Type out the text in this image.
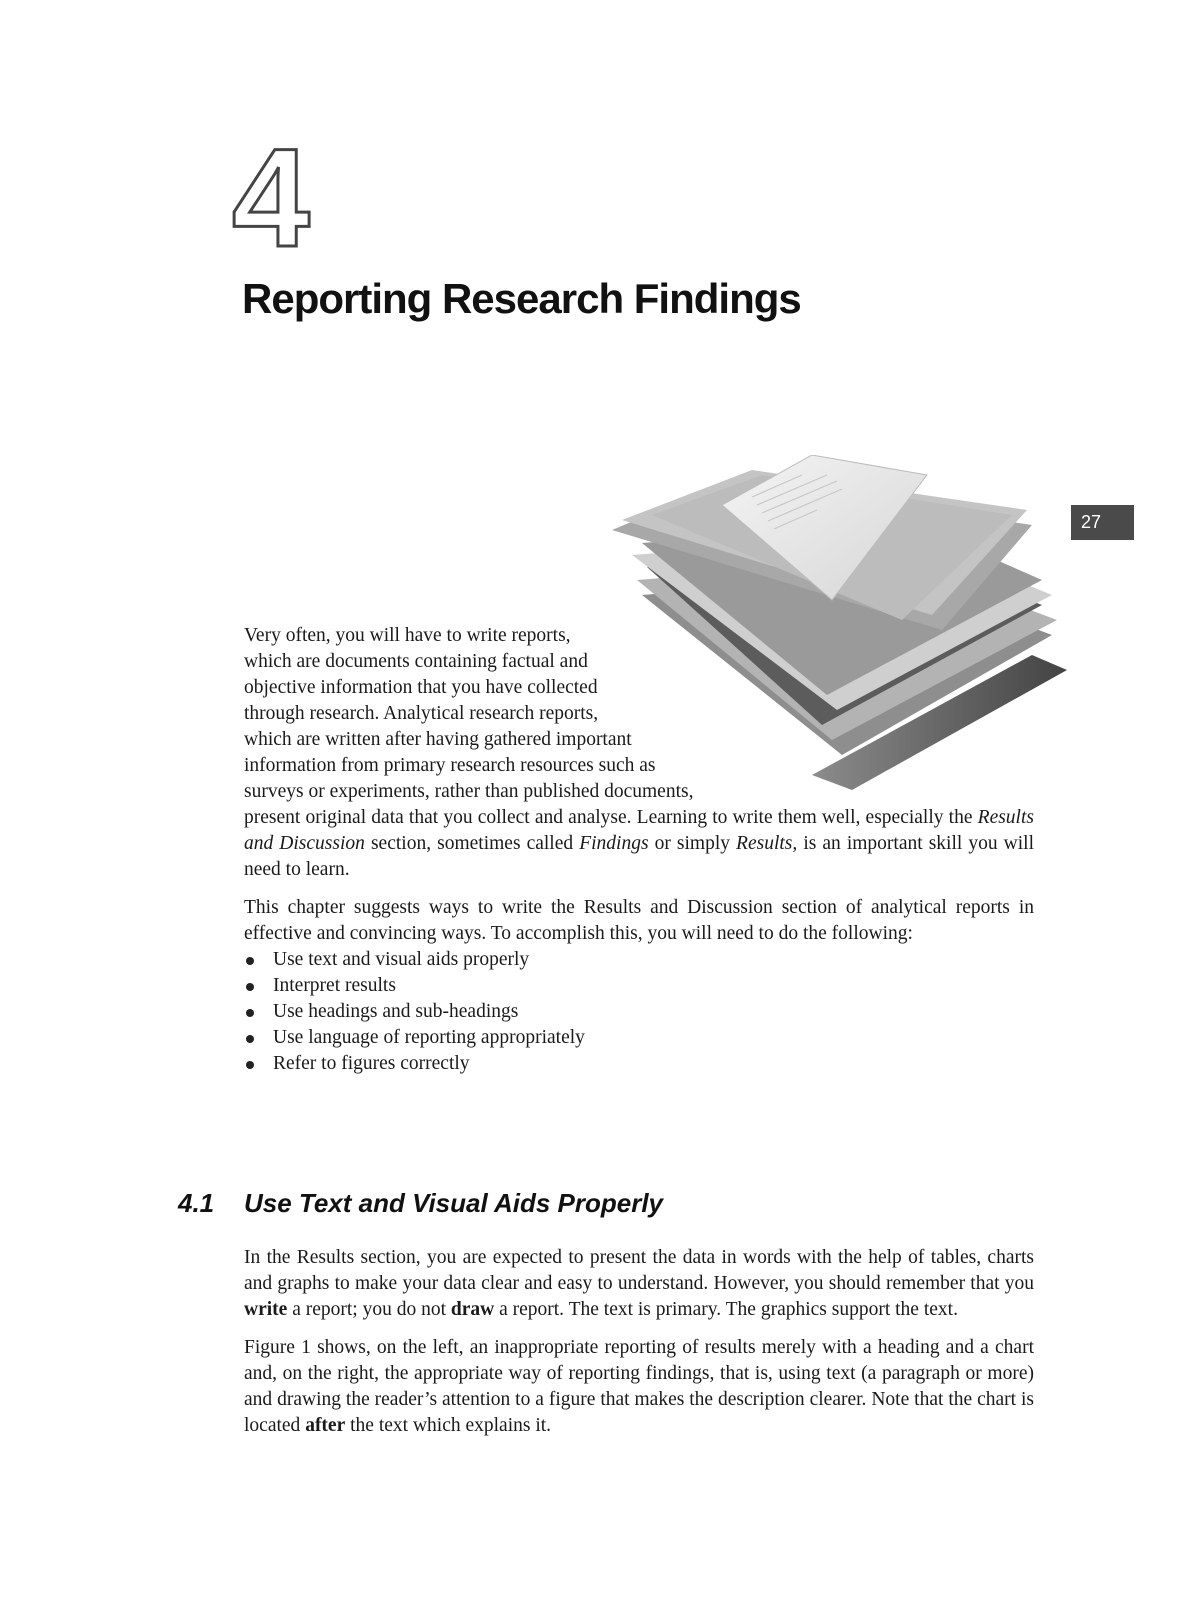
4
Reporting Research Findings
27

Very often, you will have to write reports,
which are documents containing factual and
objective information that you have collected
through research. Analytical research reports,
which are written after having gathered important
information from primary research resources such as
surveys or experiments, rather than published documents,
present original data that you collect and analyse. Learning to write them well, especially the Results and Discussion section, sometimes called Findings or simply Results, is an important skill you will need to learn.

This chapter suggests ways to write the Results and Discussion section of analytical reports in effective and convincing ways. To accomplish this, you will need to do the following:

Use text and visual aids properly
Interpret results
Use headings and sub-headings
Use language of reporting appropriately
Refer to figures correctly
4.1	Use Text and Visual Aids Properly

In the Results section, you are expected to present the data in words with the help of tables, charts and graphs to make your data clear and easy to understand. However, you should remember that you write a report; you do not draw a report. The text is primary. The graphics support the text.

Figure 1 shows, on the left, an inappropriate reporting of results merely with a heading and a chart and, on the right, the appropriate way of reporting findings, that is, using text (a paragraph or more) and drawing the reader’s attention to a figure that makes the description clearer. Note that the chart is located after the text which explains it.
